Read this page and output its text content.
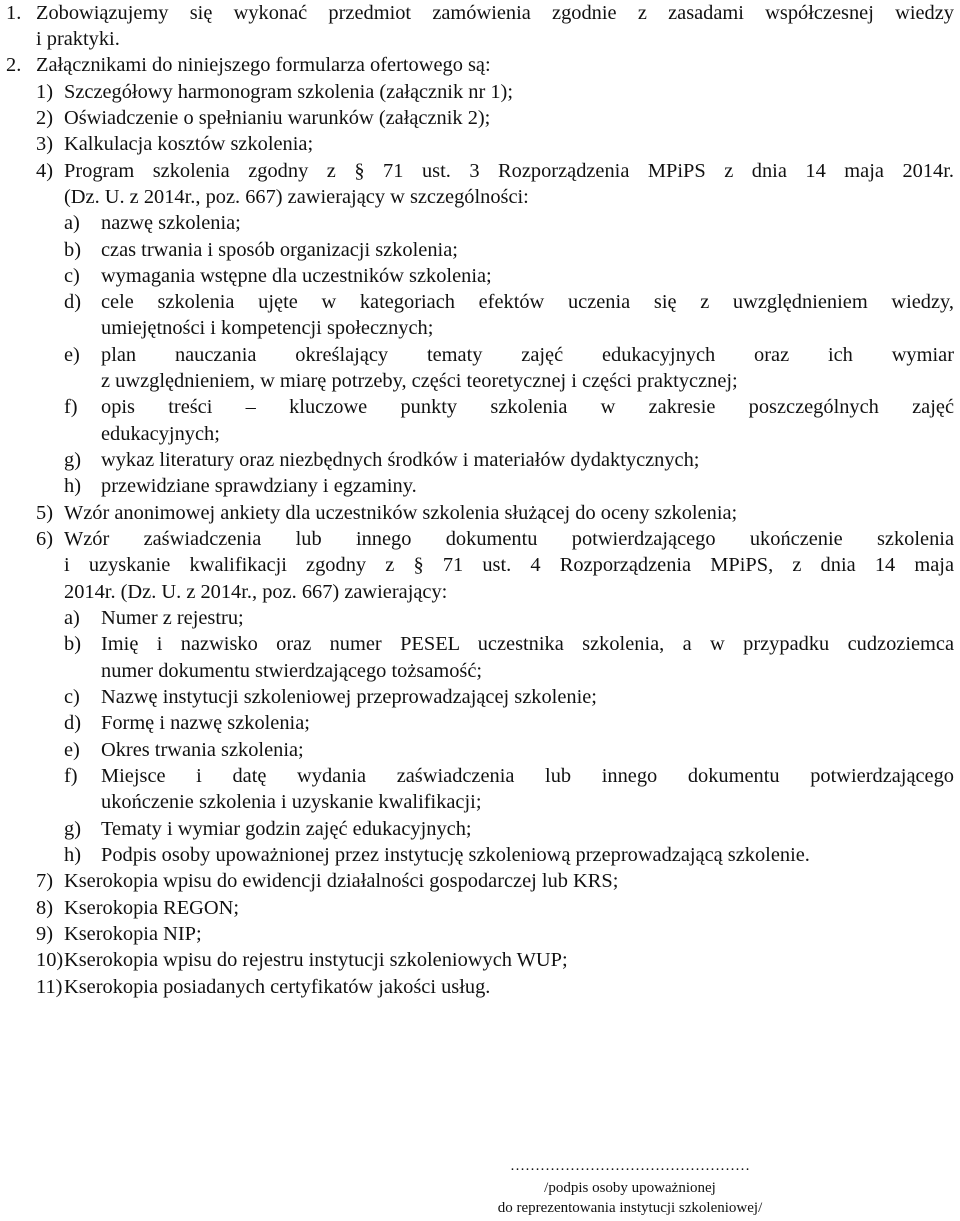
1. Zobowiązujemy się wykonać przedmiot zamówienia zgodnie z zasadami współczesnej wiedzy
i praktyki.
2. Załącznikami do niniejszego formularza ofertowego są:
1) Szczegółowy harmonogram szkolenia (załącznik nr 1);
2) Oświadczenie o spełnianiu warunków (załącznik 2);
3) Kalkulacja kosztów szkolenia;
4) Program szkolenia zgodny z § 71 ust. 3 Rozporządzenia MPiPS z dnia 14 maja 2014r.
(Dz. U. z 2014r., poz. 667) zawierający w szczególności:
a) nazwę szkolenia;
b) czas trwania i sposób organizacji szkolenia;
c) wymagania wstępne dla uczestników szkolenia;
d) cele szkolenia ujęte w kategoriach efektów uczenia się z uwzględnieniem wiedzy,
umiejętności i kompetencji społecznych;
e) plan nauczania określający tematy zajęć edukacyjnych oraz ich wymiar
z uwzględnieniem, w miarę potrzeby, części teoretycznej i części praktycznej;
f) opis treści – kluczowe punkty szkolenia w zakresie poszczególnych zajęć
edukacyjnych;
g) wykaz literatury oraz niezbędnych środków i materiałów dydaktycznych;
h) przewidziane sprawdziany i egzaminy.
5) Wzór anonimowej ankiety dla uczestników szkolenia służącej do oceny szkolenia;
6) Wzór zaświadczenia lub innego dokumentu potwierdzającego ukończenie szkolenia
i uzyskanie kwalifikacji zgodny z § 71 ust. 4 Rozporządzenia MPiPS, z dnia 14 maja
2014r. (Dz. U. z 2014r., poz. 667) zawierający:
a) Numer z rejestru;
b) Imię i nazwisko oraz numer PESEL uczestnika szkolenia, a w przypadku cudzoziemca
numer dokumentu stwierdzającego tożsamość;
c) Nazwę instytucji szkoleniowej przeprowadzającej szkolenie;
d) Formę i nazwę szkolenia;
e) Okres trwania szkolenia;
f) Miejsce i datę wydania zaświadczenia lub innego dokumentu potwierdzającego
ukończenie szkolenia i uzyskanie kwalifikacji;
g) Tematy i wymiar godzin zajęć edukacyjnych;
h) Podpis osoby upoważnionej przez instytucję szkoleniową przeprowadzającą szkolenie.
7) Kserokopia wpisu do ewidencji działalności gospodarczej lub KRS;
8) Kserokopia REGON;
9) Kserokopia NIP;
10) Kserokopia wpisu do rejestru instytucji szkoleniowych WUP;
11) Kserokopia posiadanych certyfikatów jakości usług.
…………………………………………
/podpis osoby upoważnionej
do reprezentowania instytucji szkoleniowej/
